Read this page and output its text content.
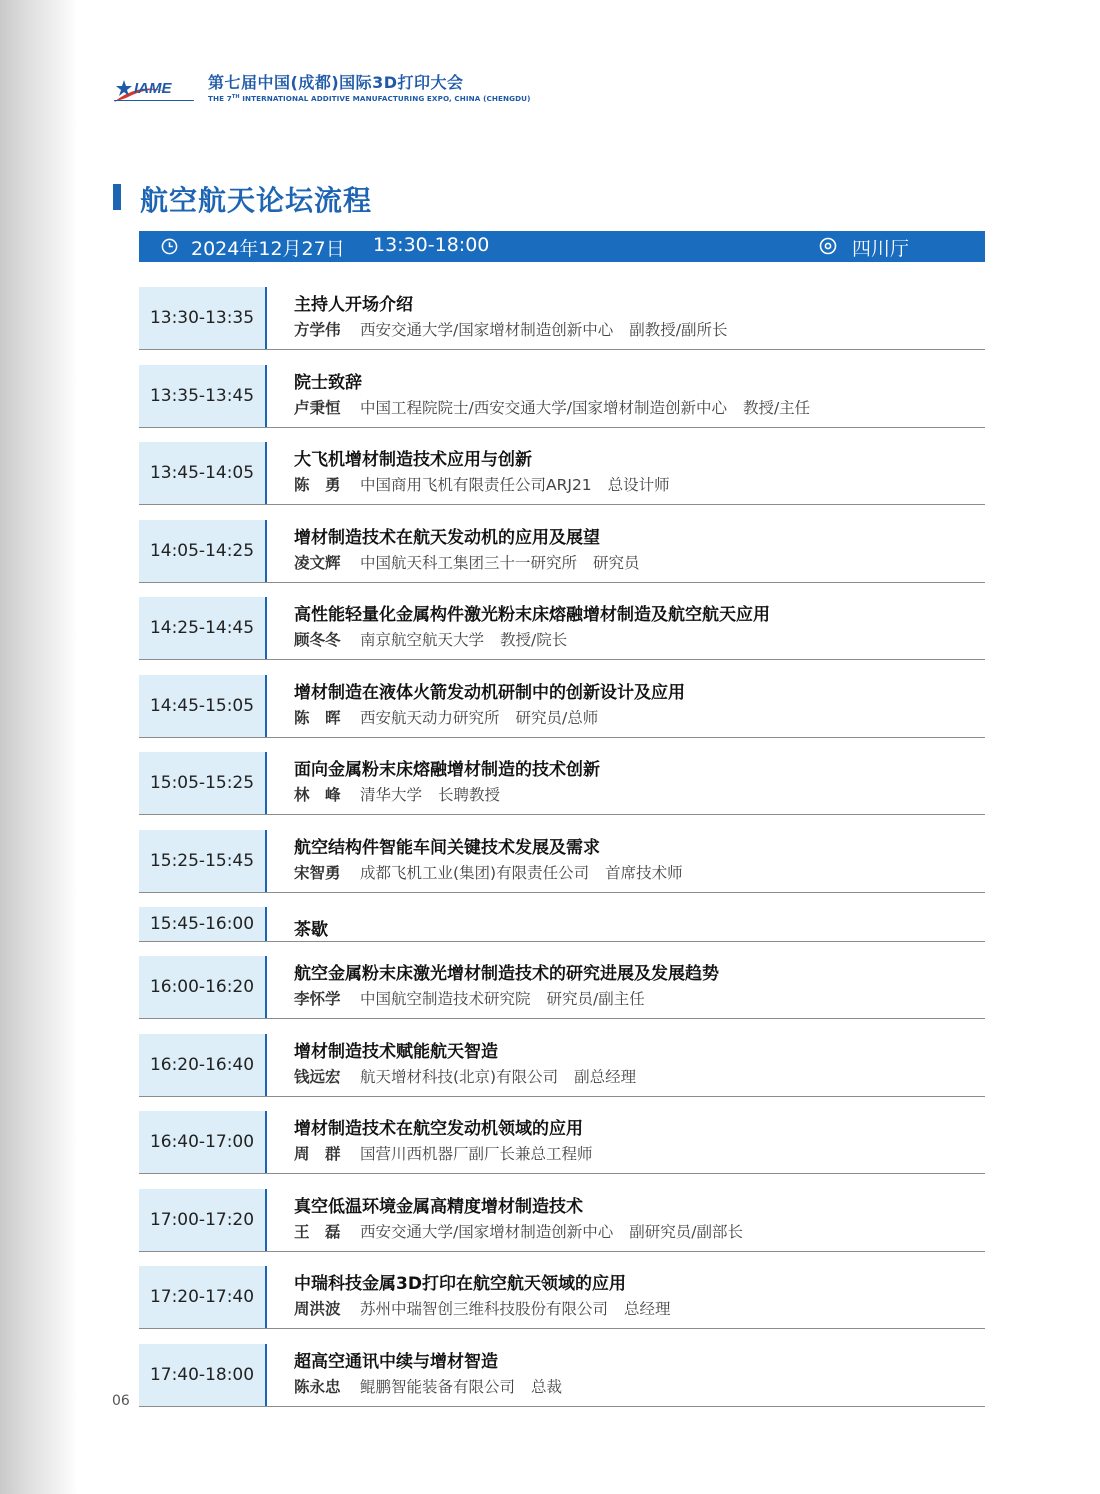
IAME 第七届中国(成都)国际3D打印大会
THE 7TH INTERNATIONAL ADDITIVE MANUFACTURING EXPO, CHINA (CHENGDU)
航空航天论坛流程
2024年12月27日 13:30-18:00	四川厅
13:30-13:35
主持人开场介绍
方学伟 西安交通大学/国家增材制造创新中心 副教授/副所长
13:35-13:45
院士致辞
卢秉恒 中国工程院院士/西安交通大学/国家增材制造创新中心 教授/主任
13:45-14:05
大飞机增材制造技术应用与创新
陈　勇 中国商用飞机有限责任公司ARJ21 总设计师
14:05-14:25
增材制造技术在航天发动机的应用及展望
凌文辉 中国航天科工集团三十一研究所 研究员
14:25-14:45
高性能轻量化金属构件激光粉末床熔融增材制造及航空航天应用
顾冬冬 南京航空航天大学 教授/院长
14:45-15:05
增材制造在液体火箭发动机研制中的创新设计及应用
陈　晖 西安航天动力研究所 研究员/总师
15:05-15:25
面向金属粉末床熔融增材制造的技术创新
林　峰 清华大学 长聘教授
15:25-15:45
航空结构件智能车间关键技术发展及需求
宋智勇 成都飞机工业(集团)有限责任公司 首席技术师
15:45-16:00	茶歇
16:00-16:20
航空金属粉末床激光增材制造技术的研究进展及发展趋势
李怀学 中国航空制造技术研究院 研究员/副主任
16:20-16:40
增材制造技术赋能航天智造
钱远宏 航天增材科技(北京)有限公司 副总经理
16:40-17:00
增材制造技术在航空发动机领域的应用
周　群 国营川西机器厂副厂长兼总工程师
17:00-17:20
真空低温环境金属高精度增材制造技术
王　磊 西安交通大学/国家增材制造创新中心 副研究员/副部长
17:20-17:40
中瑞科技金属3D打印在航空航天领域的应用
周洪波 苏州中瑞智创三维科技股份有限公司 总经理
17:40-18:00
超高空通讯中续与增材智造
陈永忠 鲲鹏智能装备有限公司 总裁
06
